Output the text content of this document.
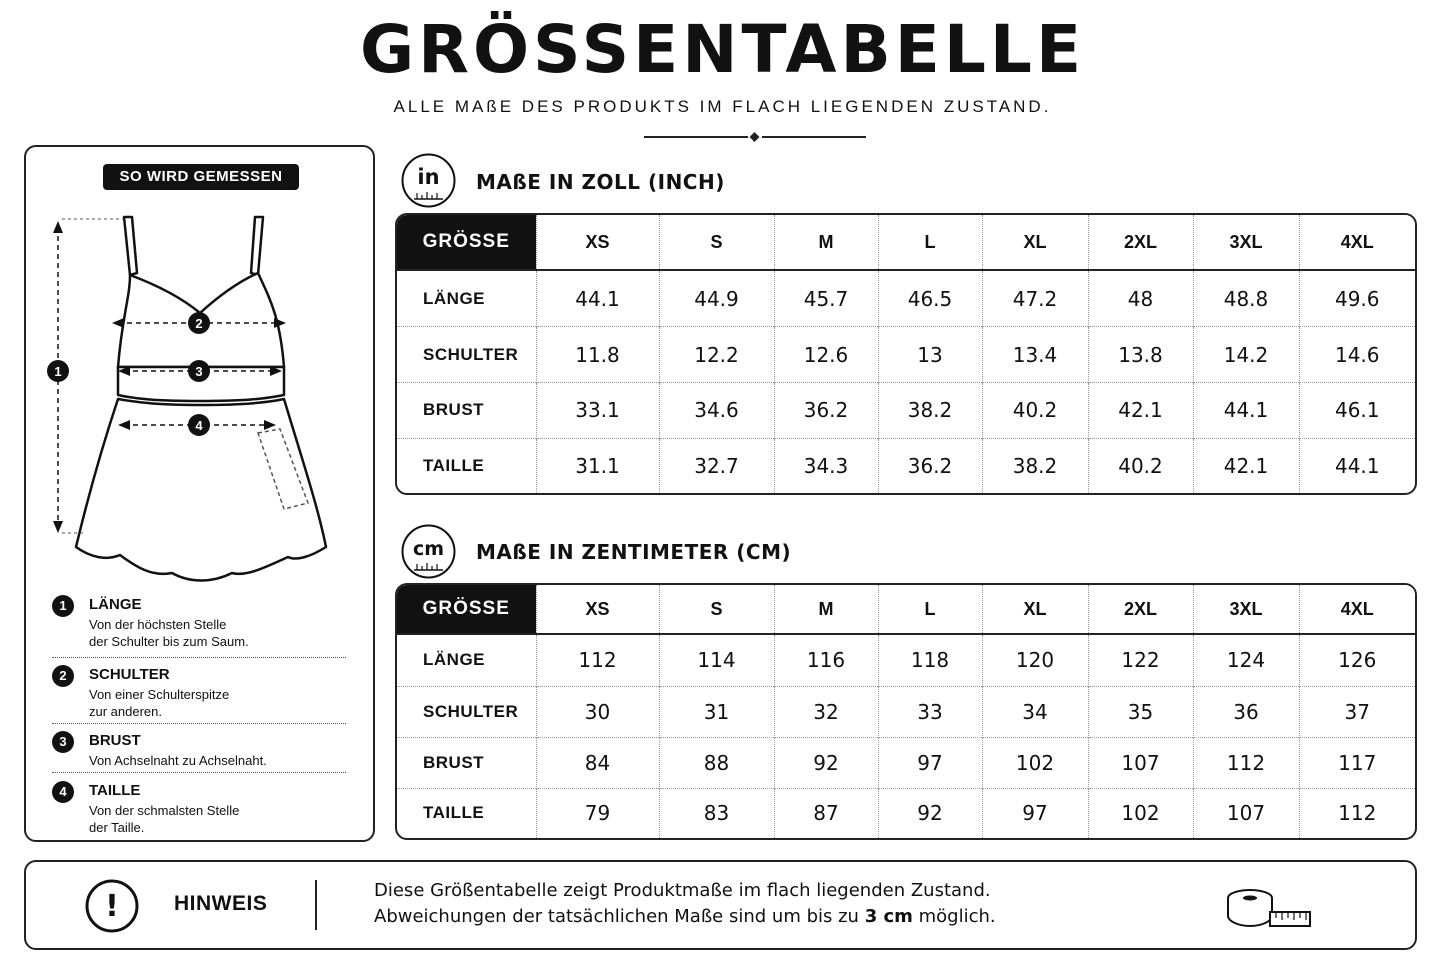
GRÖSSENTABELLE
ALLE MAßE DES PRODUKTS IM FLACH LIEGENDEN ZUSTAND.
SO WIRD GEMESSEN
1
2
3
4
1	LÄNGE
Von der höchsten Stelle
der Schulter bis zum Saum.
2	SCHULTER
Von einer Schulterspitze
zur anderen.
3	BRUST
Von Achselnaht zu Achselnaht.
4	TAILLE
Von der schmalsten Stelle
der Taille.
in MAßE IN ZOLL (INCH)
GRÖSSE	XS	S	M	L	XL	2XL	3XL	4XL
LÄNGE	44.1	44.9	45.7	46.5	47.2	48	48.8	49.6
SCHULTER	11.8	12.2	12.6	13	13.4	13.8	14.2	14.6
BRUST	33.1	34.6	36.2	38.2	40.2	42.1	44.1	46.1
TAILLE	31.1	32.7	34.3	36.2	38.2	40.2	42.1	44.1
cm MAßE IN ZENTIMETER (CM)
GRÖSSE	XS	S	M	L	XL	2XL	3XL	4XL
LÄNGE	112	114	116	118	120	122	124	126
SCHULTER	30	31	32	33	34	35	36	37
BRUST	84	88	92	97	102	107	112	117
TAILLE	79	83	87	92	97	102	107	112
!	HINWEIS
Diese Größentabelle zeigt Produktmaße im flach liegenden Zustand.
Abweichungen der tatsächlichen Maße sind um bis zu 3 cm möglich.
